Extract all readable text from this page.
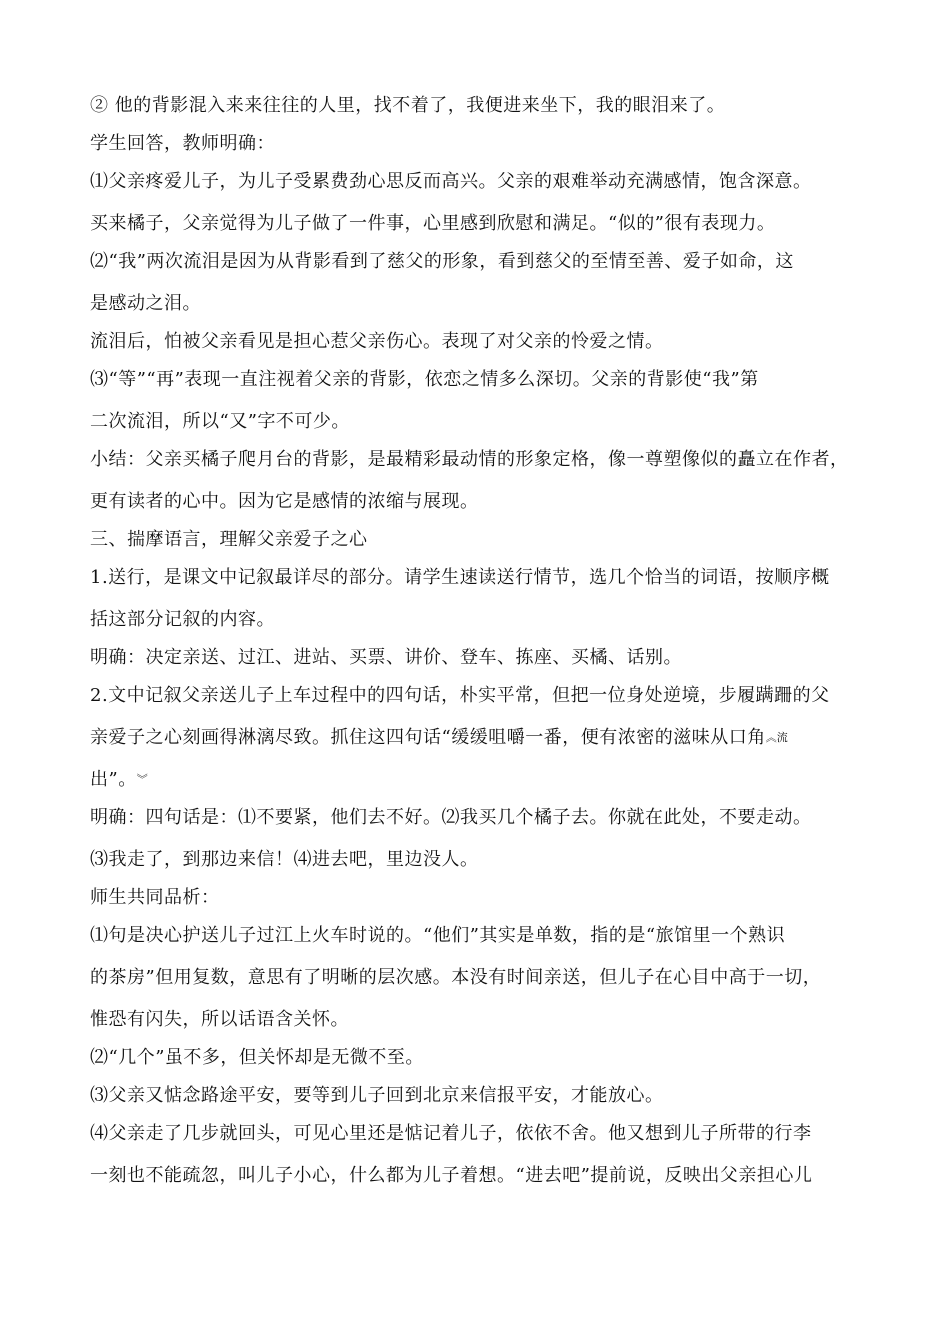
② 他的背影混入来来往往的人里，找不着了，我便进来坐下，我的眼泪来了。
学生回答，教师明确：
⑴父亲疼爱儿子，为儿子受累费劲心思反而高兴。父亲的艰难举动充满感情，饱含深意。
买来橘子，父亲觉得为儿子做了一件事，心里感到欣慰和满足。“似的”很有表现力。
⑵“我”两次流泪是因为从背影看到了慈父的形象，看到慈父的至情至善、爱子如命，这
是感动之泪。
流泪后，怕被父亲看见是担心惹父亲伤心。表现了对父亲的怜爱之情。
⑶“等”“再”表现一直注视着父亲的背影，依恋之情多么深切。父亲的背影使“我”第
二次流泪，所以“又”字不可少。
小结：父亲买橘子爬月台的背影，是最精彩最动情的形象定格，像一尊塑像似的矗立在作者，
更有读者的心中。因为它是感情的浓缩与展现。
三、揣摩语言，理解父亲爱子之心
1.送行，是课文中记叙最详尽的部分。请学生速读送行情节，选几个恰当的词语，按顺序概
括这部分记叙的内容。
明确：决定亲送、过江、进站、买票、讲价、登车、拣座、买橘、话别。
2.文中记叙父亲送儿子上车过程中的四句话，朴实平常，但把一位身处逆境，步履蹒跚的父
亲爱子之心刻画得淋漓尽致。抓住这四句话“缓缓咀嚼一番，便有浓密的滋味从口角︽流
出”。︾
明确：四句话是：⑴不要紧，他们去不好。⑵我买几个橘子去。你就在此处，不要走动。
⑶我走了，到那边来信！⑷进去吧，里边没人。
师生共同品析：
⑴句是决心护送儿子过江上火车时说的。“他们”其实是单数，指的是“旅馆里一个熟识
的茶房”但用复数，意思有了明晰的层次感。本没有时间亲送，但儿子在心目中高于一切，
惟恐有闪失，所以话语含关怀。
⑵“几个”虽不多，但关怀却是无微不至。
⑶父亲又惦念路途平安，要等到儿子回到北京来信报平安，才能放心。
⑷父亲走了几步就回头，可见心里还是惦记着儿子，依依不舍。他又想到儿子所带的行李
一刻也不能疏忽，叫儿子小心，什么都为儿子着想。“进去吧”提前说，反映出父亲担心儿
